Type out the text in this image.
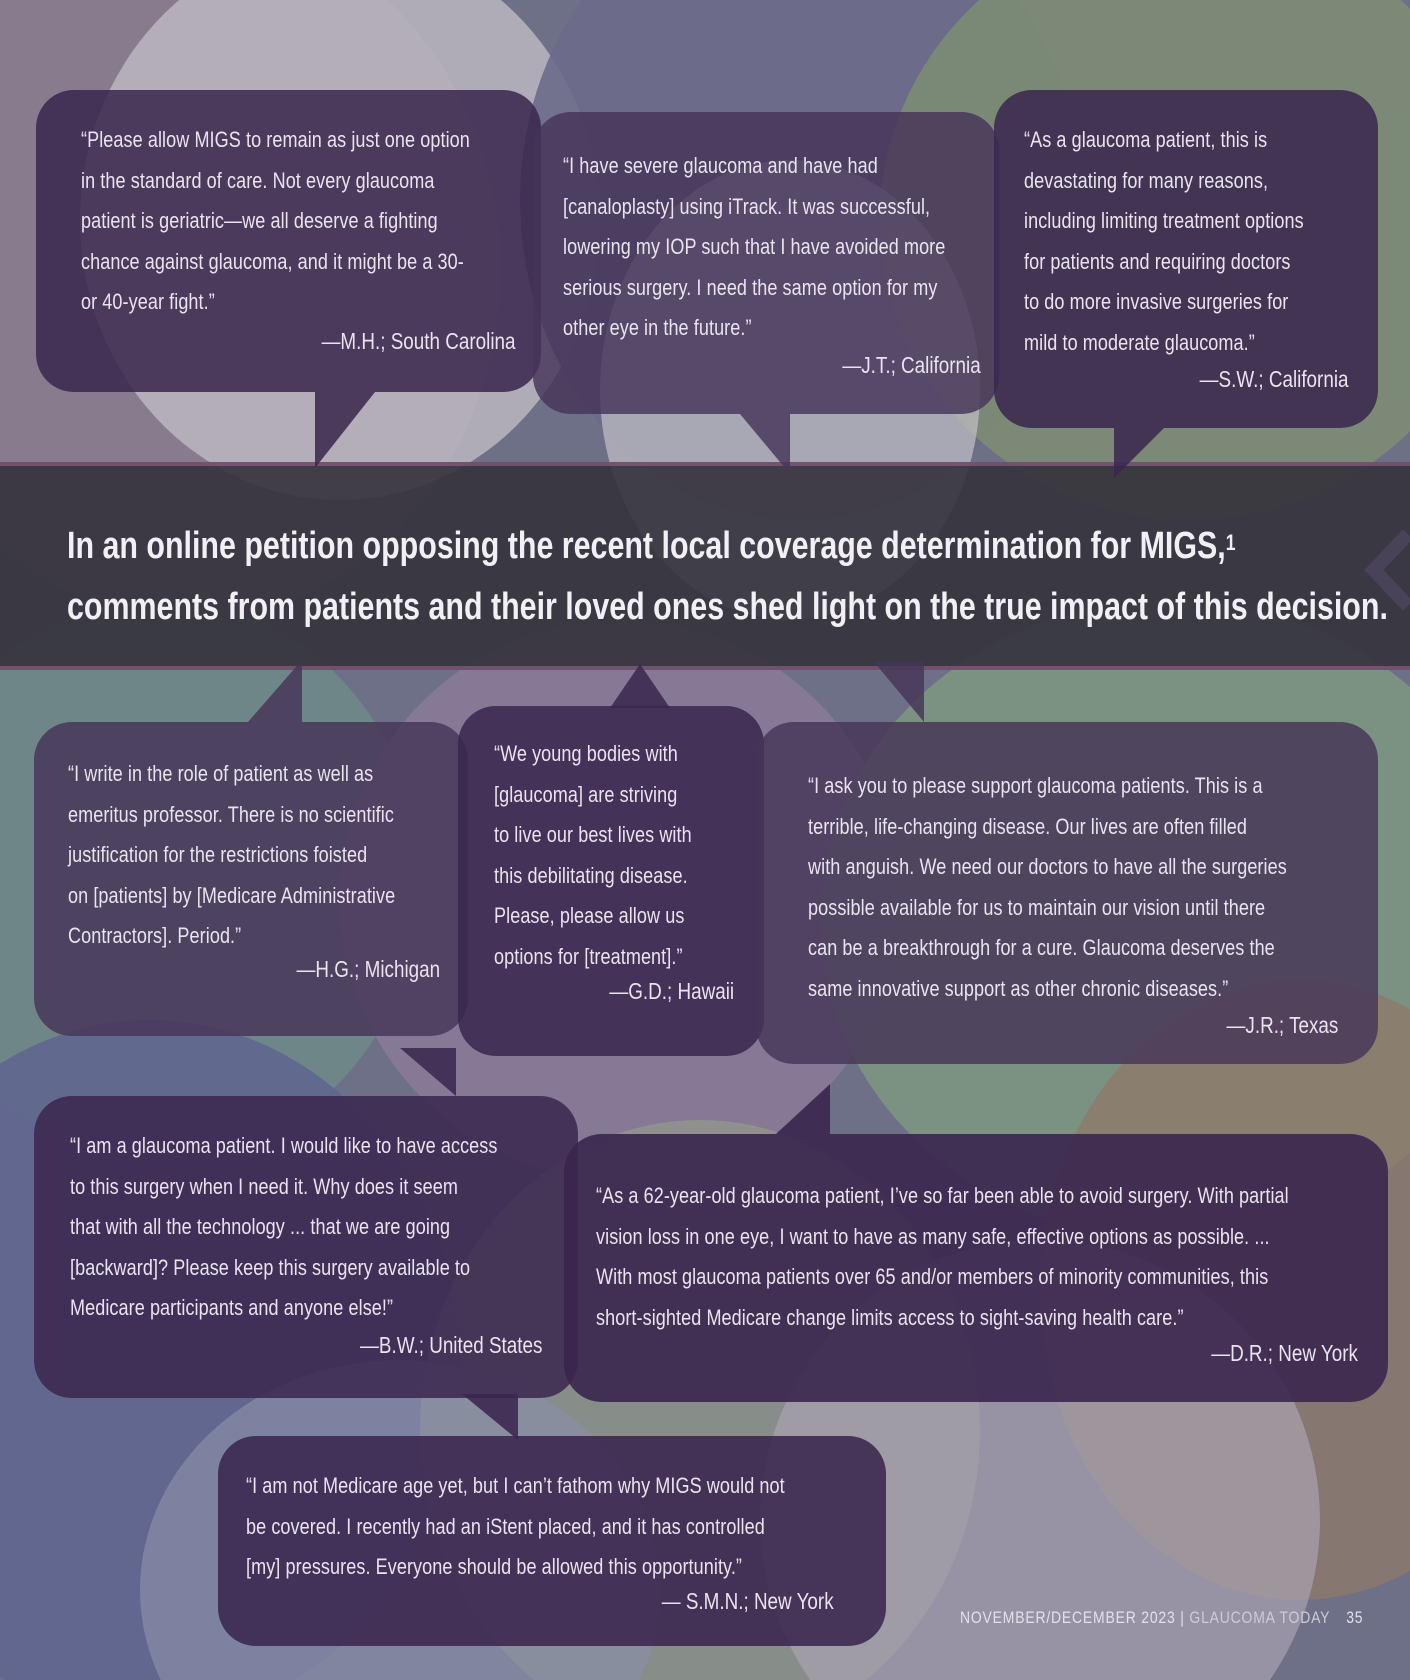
In an online petition opposing the recent local coverage determination for MIGS,$^1$
comments from patients and their loved ones shed light on the true impact of this decision.
“Please allow MIGS to remain as just one option
in the standard of care. Not every glaucoma
patient is geriatric—we all deserve a fighting
chance against glaucoma, and it might be a 30-
or 40-year fight.”
—M.H.; South Carolina
“I have severe glaucoma and have had
[canaloplasty] using iTrack. It was successful,
lowering my IOP such that I have avoided more
serious surgery. I need the same option for my
other eye in the future.”
—J.T.; California
“As a glaucoma patient, this is
devastating for many reasons,
including limiting treatment options
for patients and requiring doctors
to do more invasive surgeries for
mild to moderate glaucoma.”
—S.W.; California
“I write in the role of patient as well as
emeritus professor. There is no scientific
justification for the restrictions foisted
on [patients] by [Medicare Administrative
Contractors]. Period.”
—H.G.; Michigan
“We young bodies with
[glaucoma] are striving
to live our best lives with
this debilitating disease.
Please, please allow us
options for [treatment].”
—G.D.; Hawaii
“I ask you to please support glaucoma patients. This is a
terrible, life-changing disease. Our lives are often filled
with anguish. We need our doctors to have all the surgeries
possible available for us to maintain our vision until there
can be a breakthrough for a cure. Glaucoma deserves the
same innovative support as other chronic diseases.”
—J.R.; Texas
“I am a glaucoma patient. I would like to have access
to this surgery when I need it. Why does it seem
that with all the technology ... that we are going
[backward]? Please keep this surgery available to
Medicare participants and anyone else!”
—B.W.; United States
“As a 62-year-old glaucoma patient, I’ve so far been able to avoid surgery. With partial
vision loss in one eye, I want to have as many safe, effective options as possible. ...
With most glaucoma patients over 65 and/or members of minority communities, this
short-sighted Medicare change limits access to sight-saving health care.”
—D.R.; New York
“I am not Medicare age yet, but I can’t fathom why MIGS would not
be covered. I recently had an iStent placed, and it has controlled
[my] pressures. Everyone should be allowed this opportunity.”
— S.M.N.; New York
NOVEMBER/DECEMBER 2023 | GLAUCOMA TODAY 35
